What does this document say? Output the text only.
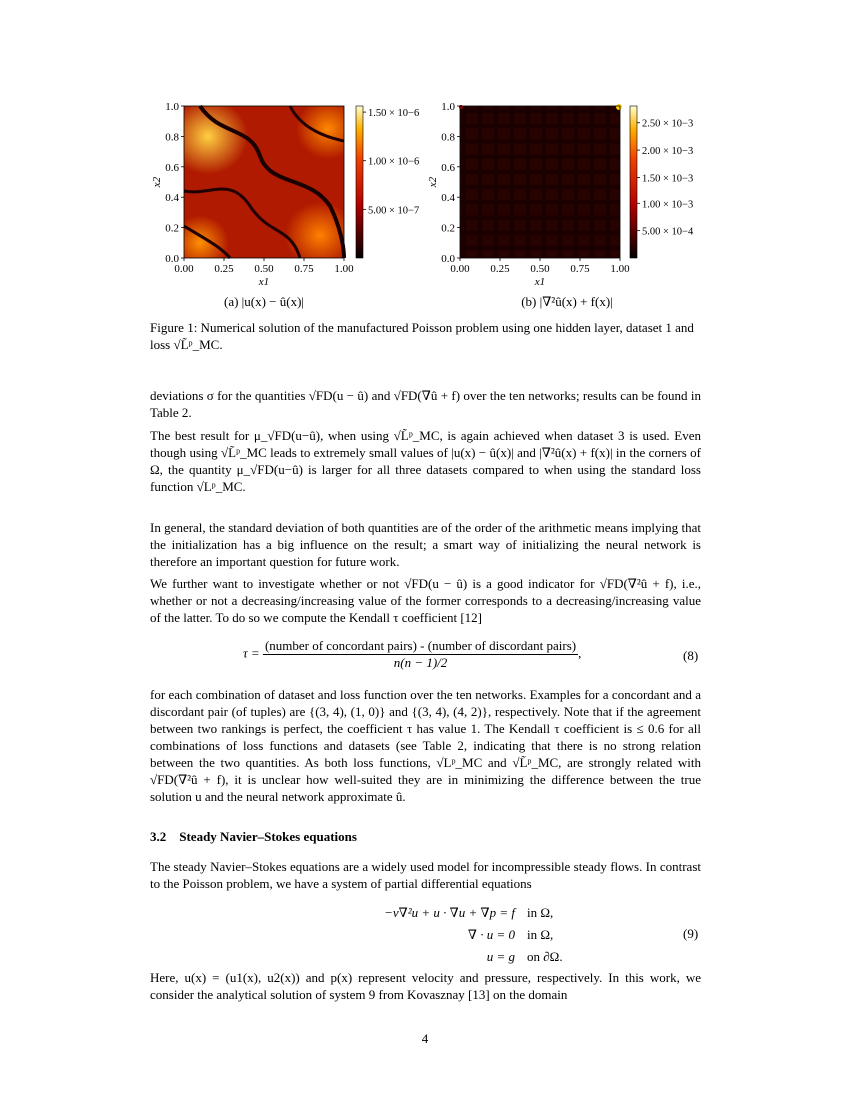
0.00 0.25 0.50 0.75 1.00
0.0
0.2
0.4
0.6
0.8
1.0
x1
x2
1.50 × 10−6
1.00 × 10−6
5.00 × 10−7
0.00 0.25 0.50 0.75 1.00
0.0
0.2
0.4
0.6
0.8
1.0
x1
x2
2.50 × 10−3
2.00 × 10−3
1.50 × 10−3
1.00 × 10−3
5.00 × 10−4
(a) |u(x) − û(x)|	(b) |∇²û(x) + f(x)|
Figure 1: Numerical solution of the manufactured Poisson problem using one hidden layer, dataset 1 and loss √L̃ᵖ_MC.

deviations σ for the quantities √FD(u − û) and √FD(∇û + f) over the ten networks; results can be found in Table 2.

The best result for μ_√FD(u−û), when using √L̃ᵖ_MC, is again achieved when dataset 3 is used. Even though using √L̃ᵖ_MC leads to extremely small values of |u(x) − û(x)| and |∇²û(x) + f(x)| in the corners of Ω, the quantity μ_√FD(u−û) is larger for all three datasets compared to when using the standard loss function √Lᵖ_MC.

In general, the standard deviation of both quantities are of the order of the arithmetic means implying that the initialization has a big influence on the result; a smart way of initializing the neural network is therefore an important question for future work.

We further want to investigate whether or not √FD(u − û) is a good indicator for √FD(∇²û + f), i.e., whether or not a decreasing/increasing value of the former corresponds to a decreasing/increasing value of the latter. To do so we compute the Kendall τ coefficient [12]

$\tau = \frac{\text{(number of concordant pairs) - (number of discordant pairs)}}{n(n - 1)/2}$ ,	(8)

for each combination of dataset and loss function over the ten networks. Examples for a concordant and a discordant pair (of tuples) are {(3, 4), (1, 0)} and {(3, 4), (4, 2)}, respectively. Note that if the agreement between two rankings is perfect, the coefficient τ has value 1. The Kendall τ coefficient is ≤ 0.6 for all combinations of loss functions and datasets (see Table 2, indicating that there is no strong relation between the two quantities. As both loss functions, √Lᵖ_MC and √L̃ᵖ_MC, are strongly related with √FD(∇²û + f), it is unclear how well-suited they are in minimizing the difference between the true solution u and the neural network approximate û.

3.2 Steady Navier–Stokes equations

The steady Navier–Stokes equations are a widely used model for incompressible steady flows. In contrast to the Poisson problem, we have a system of partial differential equations

−ν∇²u + u · ∇u + ∇p = f in Ω,
∇ · u = 0 in Ω,
u = g on ∂Ω.
(9)

Here, u(x) = (u1(x), u2(x)) and p(x) represent velocity and pressure, respectively. In this work, we consider the analytical solution of system 9 from Kovasznay [13] on the domain

4
